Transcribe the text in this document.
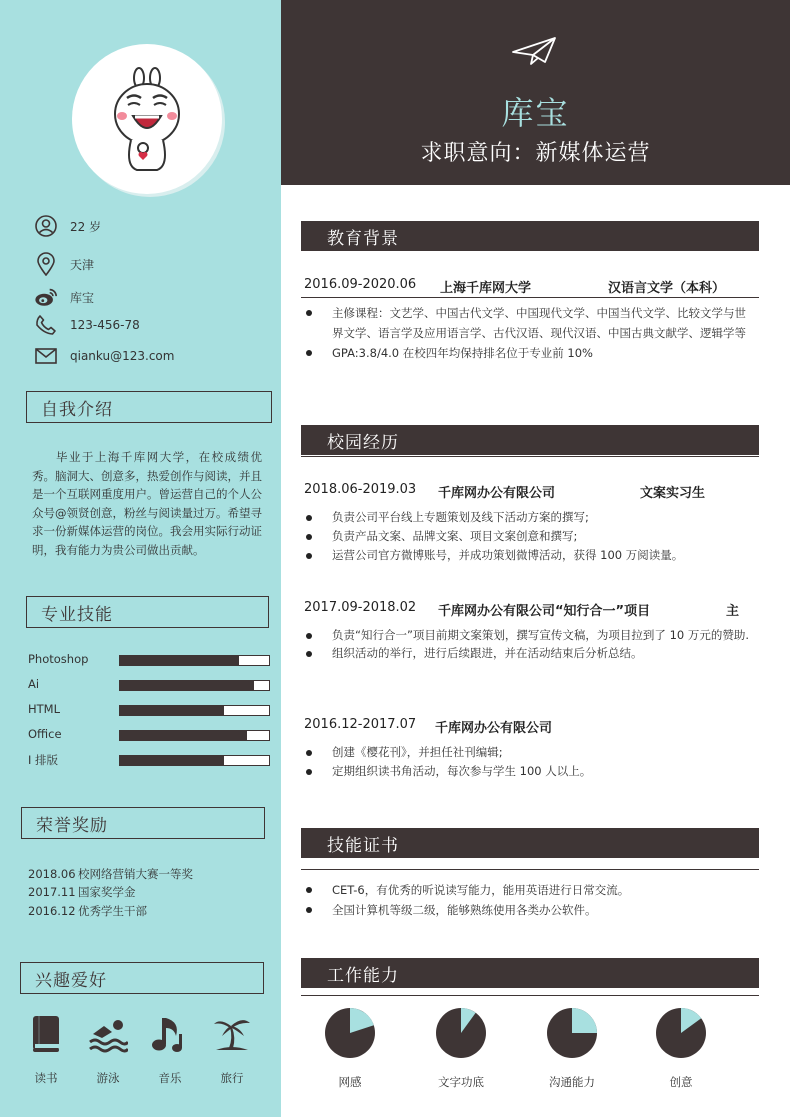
22 岁
天津
库宝
123-456-78
qianku@123.com
自我介绍

毕业于上海千库网大学，在校成绩优秀。脑洞大、创意多，热爱创作与阅读，并且是一个互联网重度用户。曾运营自己的个人公众号@领贤创意，粉丝与阅读量过万。希望寻求一份新媒体运营的岗位。我会用实际行动证明，我有能力为贵公司做出贡献。

专业技能
Photoshop
Ai
HTML
Office
I 排版
荣誉奖励
2018.06 校网络营销大赛一等奖
2017.11 国家奖学金
2016.12 优秀学生干部
兴趣爱好
读书	游泳	音乐	旅行
库宝
求职意向：新媒体运营
教育背景
2016.09-2020.06 上海千库网大学	汉语言文学（本科）
主修课程：文艺学、中国古代文学、中国现代文学、中国当代文学、比较文学与世界文学、语言学及应用语言学、古代汉语、现代汉语、中国古典文献学、逻辑学等
GPA:3.8/4.0 在校四年均保持排名位于专业前 10%
校园经历
2018.06-2019.03 千库网办公有限公司	文案实习生
负责公司平台线上专题策划及线下活动方案的撰写;
负责产品文案、品牌文案、项目文案创意和撰写;
运营公司官方微博账号，并成功策划微博活动，获得 100 万阅读量。
2017.09-2018.02 千库网办公有限公司“知行合一”项目	主
负责“知行合一”项目前期文案策划，撰写宣传文稿，为项目拉到了 10 万元的赞助.
组织活动的举行，进行后续跟进，并在活动结束后分析总结。
2016.12-2017.07 千库网办公有限公司
创建《樱花刊》，并担任社刊编辑;
定期组织读书角活动，每次参与学生 100 人以上。
技能证书
CET-6，有优秀的听说读写能力，能用英语进行日常交流。
全国计算机等级二级，能够熟练使用各类办公软件。
工作能力
网感	文字功底	沟通能力	创意
